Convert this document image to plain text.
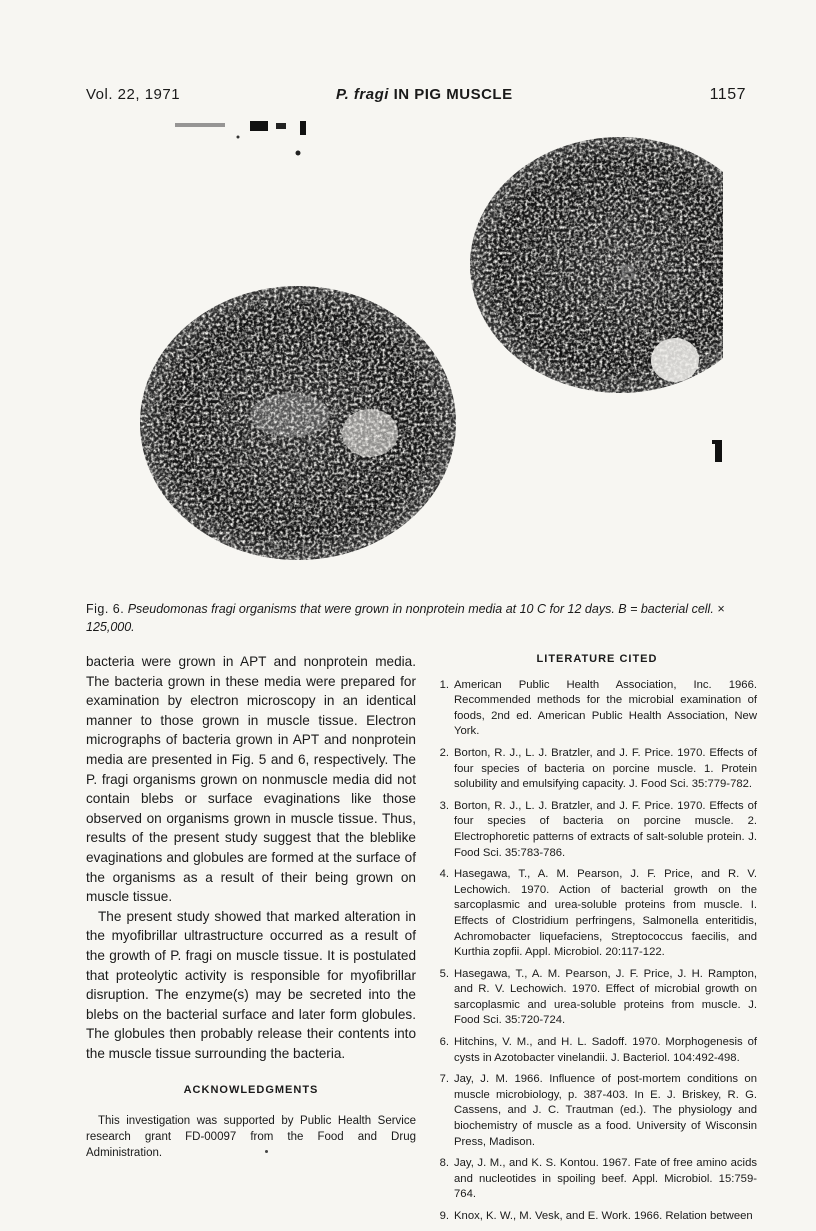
Vol. 22, 1971	P. fragi IN PIG MUSCLE	1157
B
Fig. 6. Pseudomonas fragi organisms that were grown in nonprotein media at 10 C for 12 days. B = bacterial cell. × 125,000.

bacteria were grown in APT and nonprotein media. The bacteria grown in these media were prepared for examination by electron microscopy in an identical manner to those grown in muscle tissue. Electron micrographs of bacteria grown in APT and nonprotein media are presented in Fig. 5 and 6, respectively. The P. fragi organisms grown on nonmuscle media did not contain blebs or surface evaginations like those observed on organisms grown in muscle tissue. Thus, results of the present study suggest that the bleblike evaginations and globules are formed at the surface of the organisms as a result of their being grown on muscle tissue.

The present study showed that marked alteration in the myofibrillar ultrastructure occurred as a result of the growth of P. fragi on muscle tissue. It is postulated that proteolytic activity is responsible for myofibrillar disruption. The enzyme(s) may be secreted into the blebs on the bacterial surface and later form globules. The globules then probably release their contents into the muscle tissue surrounding the bacteria.

ACKNOWLEDGMENTS

This investigation was supported by Public Health Service research grant FD-00097 from the Food and Drug Administration.

LITERATURE CITED
1. American Public Health Association, Inc. 1966. Recommended methods for the microbial examination of foods, 2nd ed. American Public Health Association, New York.
2. Borton, R. J., L. J. Bratzler, and J. F. Price. 1970. Effects of four species of bacteria on porcine muscle. 1. Protein solubility and emulsifying capacity. J. Food Sci. 35:779-782.
3. Borton, R. J., L. J. Bratzler, and J. F. Price. 1970. Effects of four species of bacteria on porcine muscle. 2. Electrophoretic patterns of extracts of salt-soluble protein. J. Food Sci. 35:783-786.
4. Hasegawa, T., A. M. Pearson, J. F. Price, and R. V. Lechowich. 1970. Action of bacterial growth on the sarcoplasmic and urea-soluble proteins from muscle. I. Effects of Clostridium perfringens, Salmonella enteritidis, Achromobacter liquefaciens, Streptococcus faecilis, and Kurthia zopfii. Appl. Microbiol. 20:117-122.
5. Hasegawa, T., A. M. Pearson, J. F. Price, J. H. Rampton, and R. V. Lechowich. 1970. Effect of microbial growth on sarcoplasmic and urea-soluble proteins from muscle. J. Food Sci. 35:720-724.
6. Hitchins, V. M., and H. L. Sadoff. 1970. Morphogenesis of cysts in Azotobacter vinelandii. J. Bacteriol. 104:492-498.
7. Jay, J. M. 1966. Influence of post-mortem conditions on muscle microbiology, p. 387-403. In E. J. Briskey, R. G. Cassens, and J. C. Trautman (ed.). The physiology and biochemistry of muscle as a food. University of Wisconsin Press, Madison.
8. Jay, J. M., and K. S. Kontou. 1967. Fate of free amino acids and nucleotides in spoiling beef. Appl. Microbiol. 15:759-764.
9. Knox, K. W., M. Vesk, and E. Work. 1966. Relation between
